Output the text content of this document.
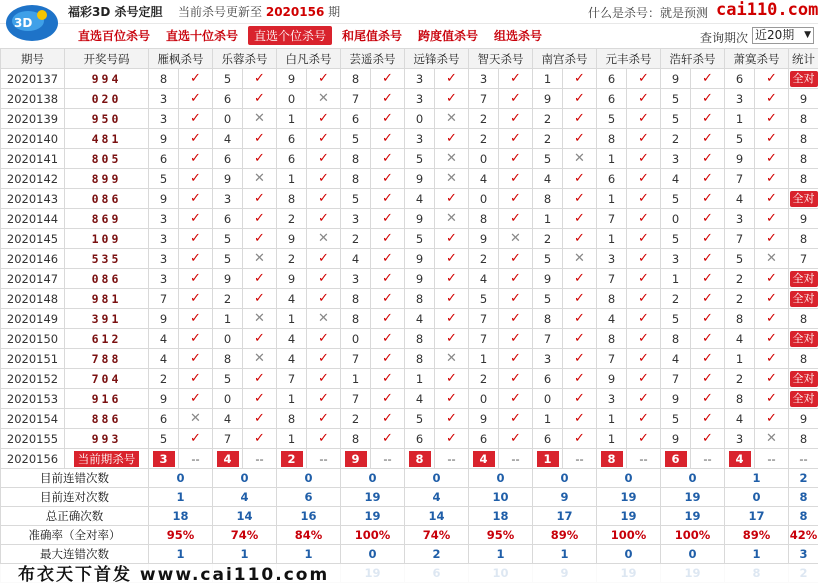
3D
福彩3D 杀号定胆 当前杀号更新至 2020156 期	什么是杀号：就是预测 cai110.com
直选百位杀号 直选十位杀号	直选个位杀号	和尾值杀号 跨度值杀号 组选杀号	查询期次 近20期 ▼
期号	开奖号码	雁枫杀号		乐蓉杀号		白凡杀号		芸遥杀号		远锋杀号		智天杀号		南宫杀号		元丰杀号		浩轩杀号		萧寞杀号		统计
2020137	994	8	✓	5	✓	9	✓	8	✓	3	✓	3	✓	1	✓	6	✓	9	✓	6	✓	全对
2020138	020	3	✓	6	✓	0	✕	7	✓	3	✓	7	✓	9	✓	6	✓	5	✓	3	✓	9
2020139	950	3	✓	0	✕	1	✓	6	✓	0	✕	2	✓	2	✓	5	✓	5	✓	1	✓	8
2020140	481	9	✓	4	✓	6	✓	5	✓	3	✓	2	✓	2	✓	8	✓	2	✓	5	✓	8
2020141	805	6	✓	6	✓	6	✓	8	✓	5	✕	0	✓	5	✕	1	✓	3	✓	9	✓	8
2020142	899	5	✓	9	✕	1	✓	8	✓	9	✕	4	✓	4	✓	6	✓	4	✓	7	✓	8
2020143	086	9	✓	3	✓	8	✓	5	✓	4	✓	0	✓	8	✓	1	✓	5	✓	4	✓	全对
2020144	869	3	✓	6	✓	2	✓	3	✓	9	✕	8	✓	1	✓	7	✓	0	✓	3	✓	9
2020145	109	3	✓	5	✓	9	✕	2	✓	5	✓	9	✕	2	✓	1	✓	5	✓	7	✓	8
2020146	535	3	✓	5	✕	2	✓	4	✓	9	✓	2	✓	5	✕	3	✓	3	✓	5	✕	7
2020147	086	3	✓	9	✓	9	✓	3	✓	9	✓	4	✓	9	✓	7	✓	1	✓	2	✓	全对
2020148	981	7	✓	2	✓	4	✓	8	✓	8	✓	5	✓	5	✓	8	✓	2	✓	2	✓	全对
2020149	391	9	✓	1	✕	1	✕	8	✓	4	✓	7	✓	8	✓	4	✓	5	✓	8	✓	8
2020150	612	4	✓	0	✓	4	✓	0	✓	8	✓	7	✓	7	✓	8	✓	8	✓	4	✓	全对
2020151	788	4	✓	8	✕	4	✓	7	✓	8	✕	1	✓	3	✓	7	✓	4	✓	1	✓	8
2020152	704	2	✓	5	✓	7	✓	1	✓	1	✓	2	✓	6	✓	9	✓	7	✓	2	✓	全对
2020153	916	9	✓	0	✓	1	✓	7	✓	4	✓	0	✓	0	✓	3	✓	9	✓	8	✓	全对
2020154	886	6	✕	4	✓	8	✓	2	✓	5	✓	9	✓	1	✓	1	✓	5	✓	4	✓	9
2020155	993	5	✓	7	✓	1	✓	8	✓	6	✓	6	✓	6	✓	1	✓	9	✓	3	✕	8
2020156	当前期杀号	3	--	4	--	2	--	9	--	8	--	4	--	1	--	8	--	6	--	4	--	--
目前连错次数		0		0		0		0		0		0		0		0		0		1		2
目前连对次数		1		4		6		19		4		10		9		19		19		0		8
总正确次数		18		14		16		19		14		18		17		19		19		17		8
准确率（全对率）		95%		74%		84%		100%		74%		95%		89%		100%		100%		89%		42%
最大连错次数		1		1		1		0		2		1		1		0		0		1		3

布衣天下首发 www.cai110.com
